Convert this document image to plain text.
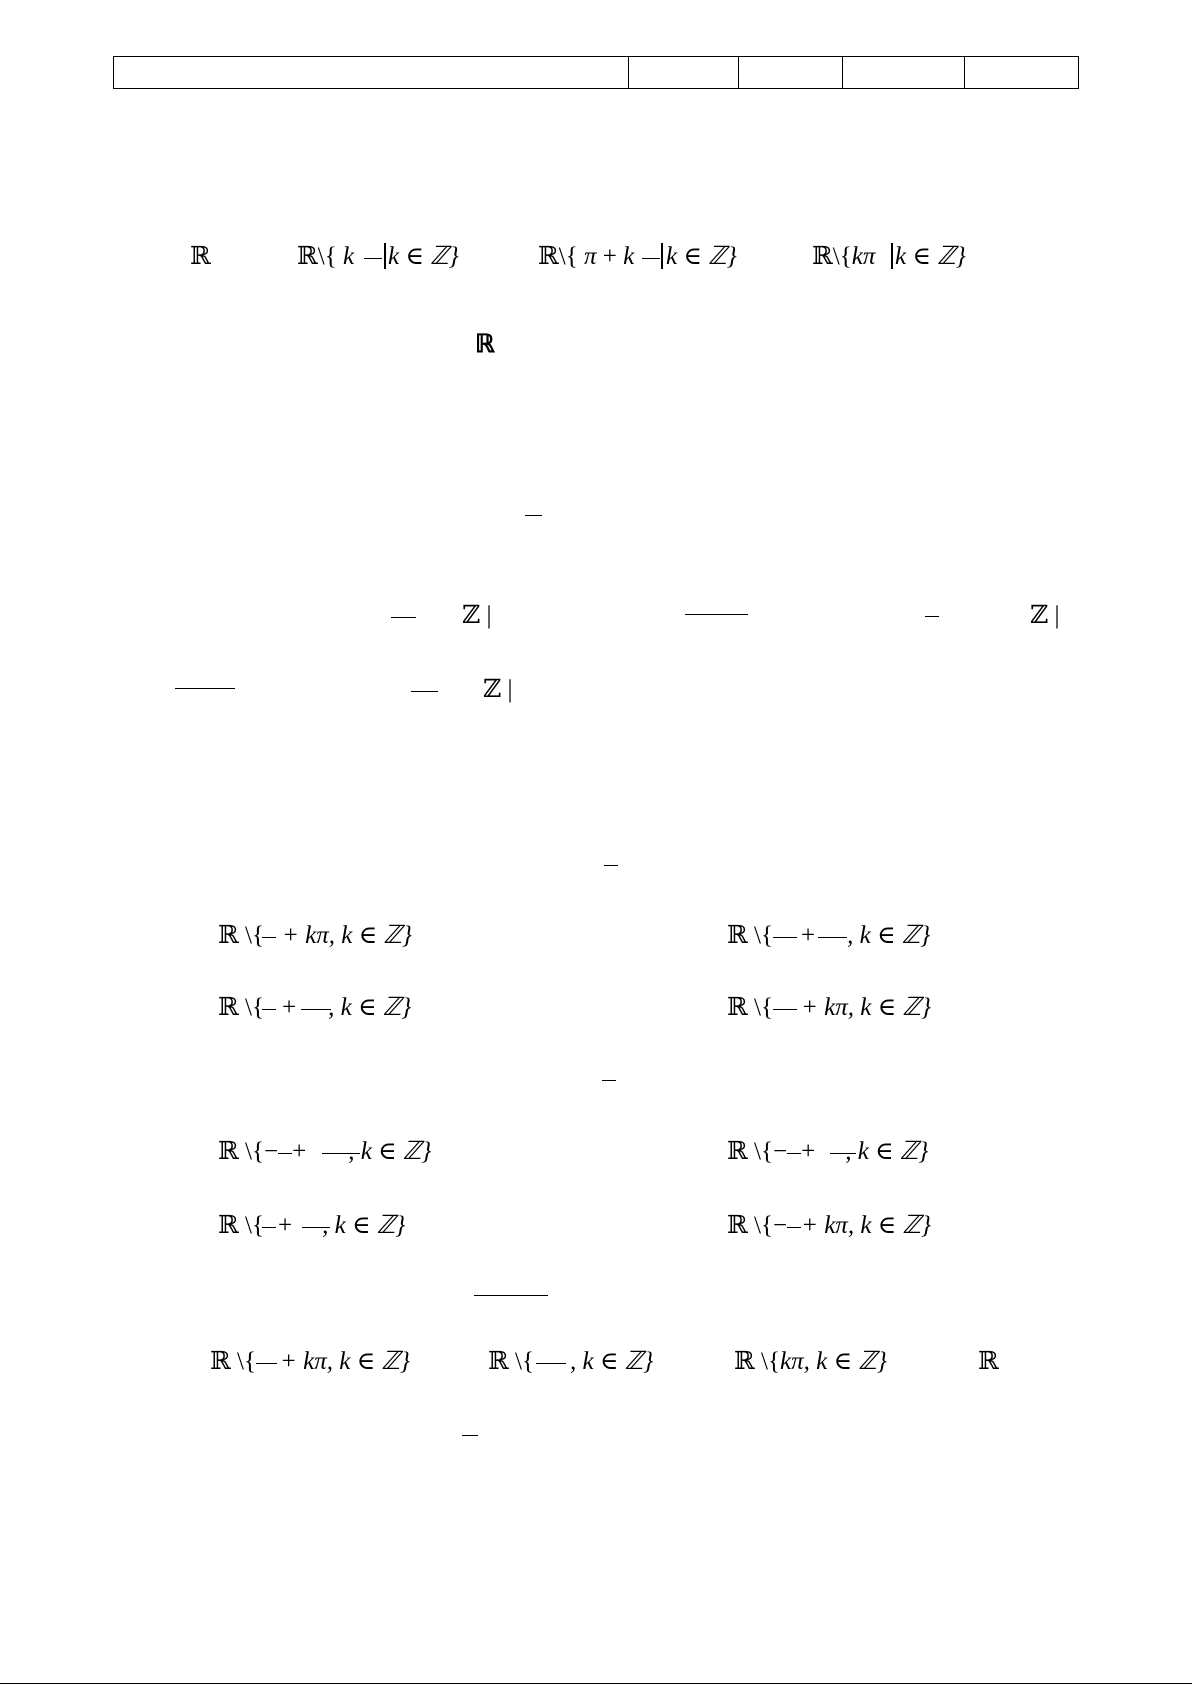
ℝ	ℝ\{ k k ∈ ℤ}	ℝ\{ π + k k ∈ ℤ}	ℝ\{kπ k ∈ ℤ}
ℝ
ℤ |	ℤ |
ℤ |
ℝ \{ + kπ, k ∈ ℤ}	ℝ \{ + , k ∈ ℤ}
ℝ \{ + , k ∈ ℤ}	ℝ \{ + kπ, k ∈ ℤ}
ℝ \{− + , k ∈ ℤ}	ℝ \{− + , k ∈ ℤ}
ℝ \{ + , k ∈ ℤ}	ℝ \{− + kπ, k ∈ ℤ}
ℝ \{ + kπ, k ∈ ℤ}	ℝ \{ , k ∈ ℤ}	ℝ \{kπ, k ∈ ℤ}	ℝ
